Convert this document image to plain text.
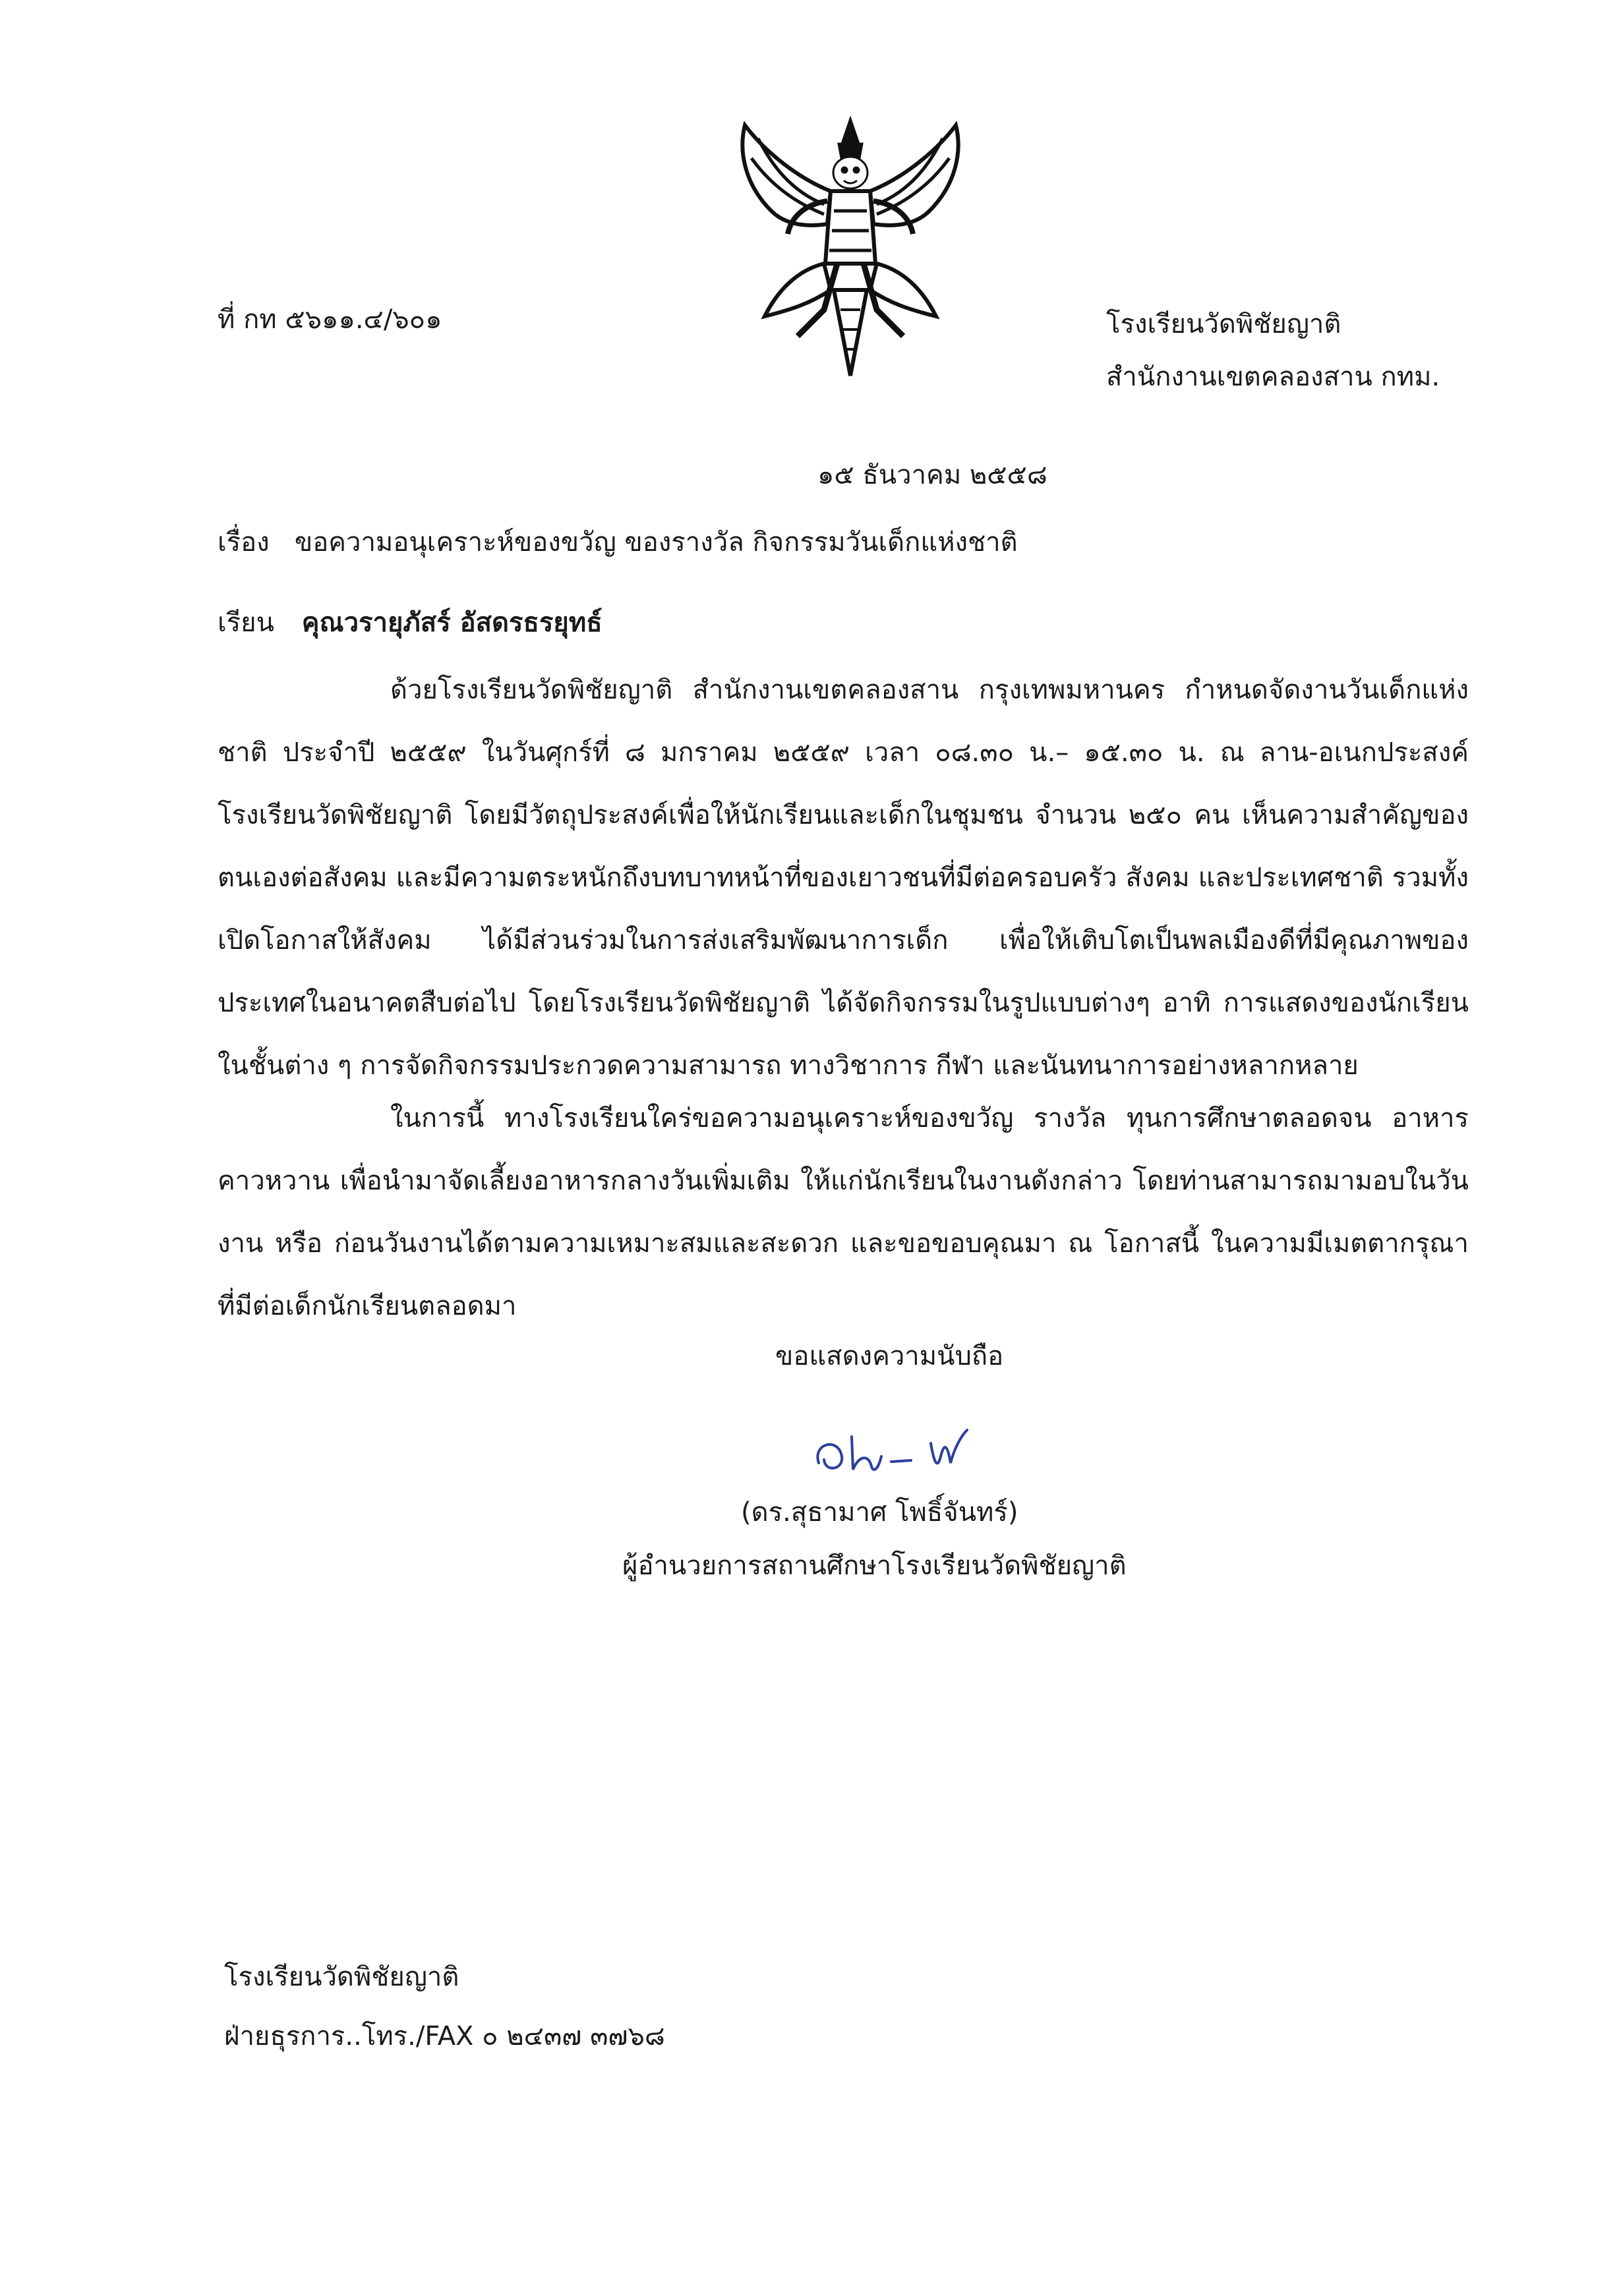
ที่ กท ๕๖๑๑.๔/๖๐๑	โรงเรียนวัดพิชัยญาติ
สำนักงานเขตคลองสาน กทม.
๑๕ ธันวาคม ๒๕๕๘
เรื่อง ขอความอนุเคราะห์ของขวัญ ของรางวัล กิจกรรมวันเด็กแห่งชาติ
เรียน คุณวรายุภัสร์ อัสดรธรยุทธ์

ด้วยโรงเรียนวัดพิชัยญาติ สำนักงานเขตคลองสาน กรุงเทพมหานคร กำหนดจัดงานวันเด็กแห่งชาติ ประจำปี ๒๕๕๙ ในวันศุกร์ที่ ๘ มกราคม ๒๕๕๙ เวลา ๐๘.๓๐ น.– ๑๕.๓๐ น. ณ ลาน-อเนกประสงค์ โรงเรียนวัดพิชัยญาติ โดยมีวัตถุประสงค์เพื่อให้นักเรียนและเด็กในชุมชน จำนวน ๒๕๐ คน เห็นความสำคัญของตนเองต่อสังคม และมีความตระหนักถึงบทบาทหน้าที่ของเยาวชนที่มีต่อครอบครัว สังคม และประเทศชาติ รวมทั้งเปิดโอกาสให้สังคม ได้มีส่วนร่วมในการส่งเสริมพัฒนาการเด็ก เพื่อให้เติบโตเป็นพลเมืองดีที่มีคุณภาพของประเทศในอนาคตสืบต่อไป โดยโรงเรียนวัดพิชัยญาติ ได้จัดกิจกรรมในรูปแบบต่างๆ อาทิ การแสดงของนักเรียน ในชั้นต่าง ๆ การจัดกิจกรรมประกวดความสามารถ ทางวิชาการ กีฬา และนันทนาการอย่างหลากหลาย

ในการนี้ ทางโรงเรียนใคร่ขอความอนุเคราะห์ของขวัญ รางวัล ทุนการศึกษาตลอดจน อาหารคาวหวาน เพื่อนำมาจัดเลี้ยงอาหารกลางวันเพิ่มเติม ให้แก่นักเรียนในงานดังกล่าว โดยท่านสามารถมามอบในวันงาน หรือ ก่อนวันงานได้ตามความเหมาะสมและสะดวก และขอขอบคุณมา ณ โอกาสนี้ ในความมีเมตตากรุณา ที่มีต่อเด็กนักเรียนตลอดมา

ขอแสดงความนับถือ
(ดร.สุธามาศ โพธิ์จันทร์)
ผู้อำนวยการสถานศึกษาโรงเรียนวัดพิชัยญาติ
โรงเรียนวัดพิชัยญาติ
ฝ่ายธุรการ..โทร./FAX ๐ ๒๔๓๗ ๓๗๖๘
